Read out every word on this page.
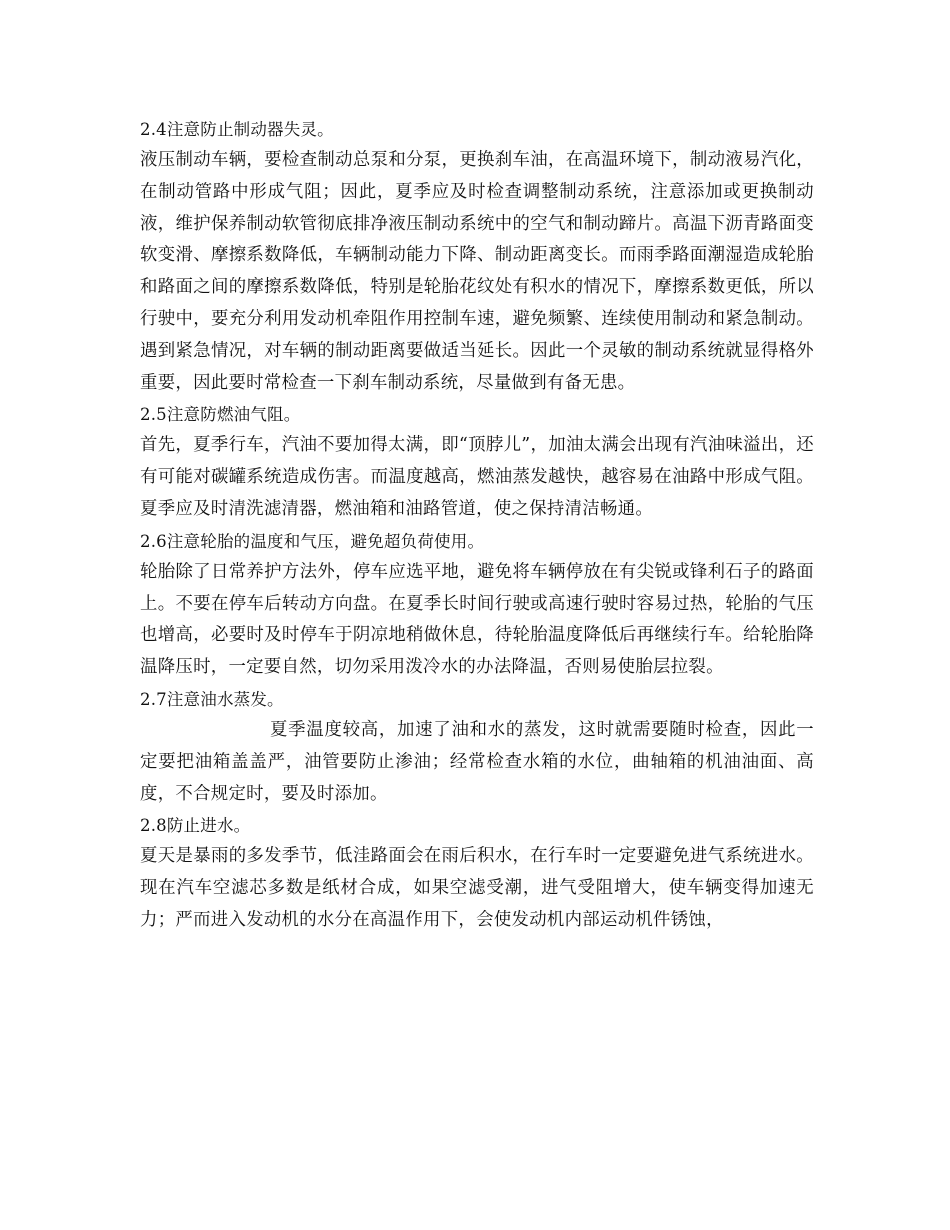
2.4注意防止制动器失灵。

液压制动车辆，要检查制动总泵和分泵，更换刹车油，在高温环境下，制动液易汽化，在制动管路中形成气阻；因此，夏季应及时检查调整制动系统，注意添加或更换制动液，维护保养制动软管彻底排净液压制动系统中的空气和制动蹄片。高温下沥青路面变软变滑、摩擦系数降低，车辆制动能力下降、制动距离变长。而雨季路面潮湿造成轮胎和路面之间的摩擦系数降低，特别是轮胎花纹处有积水的情况下，摩擦系数更低，所以行驶中，要充分利用发动机牵阻作用控制车速，避免频繁、连续使用制动和紧急制动。遇到紧急情况，对车辆的制动距离要做适当延长。因此一个灵敏的制动系统就显得格外重要，因此要时常检查一下刹车制动系统，尽量做到有备无患。

2.5注意防燃油气阻。

首先，夏季行车，汽油不要加得太满，即“顶脖儿”，加油太满会出现有汽油味溢出，还有可能对碳罐系统造成伤害。而温度越高，燃油蒸发越快，越容易在油路中形成气阻。夏季应及时清洗滤清器，燃油箱和油路管道，使之保持清洁畅通。

2.6注意轮胎的温度和气压，避免超负荷使用。

轮胎除了日常养护方法外，停车应选平地，避免将车辆停放在有尖锐或锋利石子的路面上。不要在停车后转动方向盘。在夏季长时间行驶或高速行驶时容易过热，轮胎的气压也增高，必要时及时停车于阴凉地稍做休息，待轮胎温度降低后再继续行车。给轮胎降温降压时，一定要自然，切勿采用泼冷水的办法降温，否则易使胎层拉裂。

2.7注意油水蒸发。

夏季温度较高，加速了油和水的蒸发，这时就需要随时检查，因此一定要把油箱盖盖严，油管要防止渗油；经常检查水箱的水位，曲轴箱的机油油面、高度，不合规定时，要及时添加。

2.8防止进水。

夏天是暴雨的多发季节，低洼路面会在雨后积水，在行车时一定要避免进气系统进水。现在汽车空滤芯多数是纸材合成，如果空滤受潮，进气受阻增大，使车辆变得加速无力；严而进入发动机的水分在高温作用下，会使发动机内部运动机件锈蚀，
